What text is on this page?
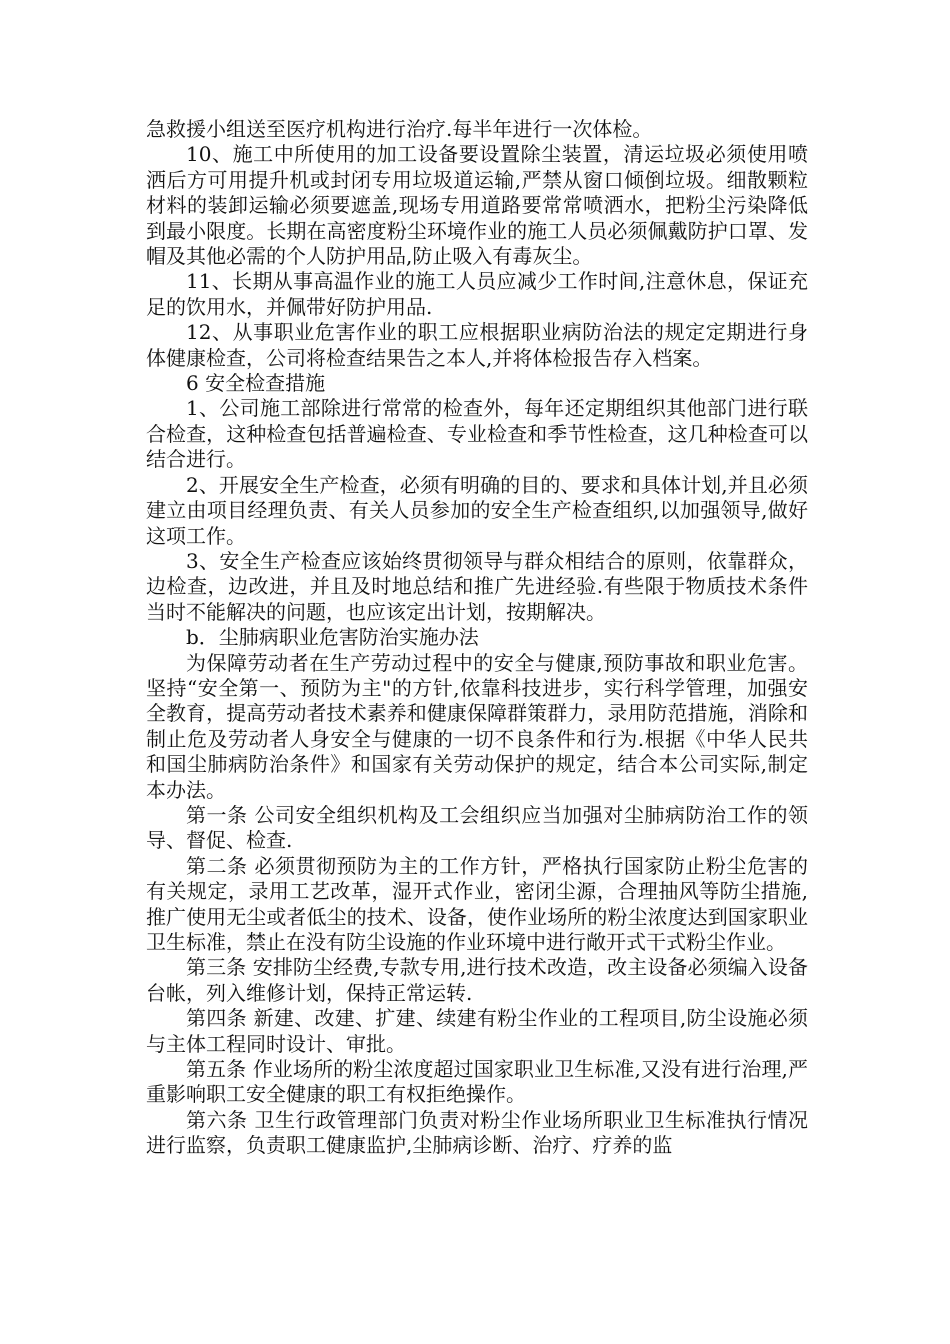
急救援小组送至医疗机构进行治疗.每半年进行一次体检。

10、施工中所使用的加工设备要设置除尘装置，清运垃圾必须使用喷洒后方可用提升机或封闭专用垃圾道运输,严禁从窗口倾倒垃圾。细散颗粒材料的装卸运输必须要遮盖,现场专用道路要常常喷洒水，把粉尘污染降低到最小限度。长期在高密度粉尘环境作业的施工人员必须佩戴防护口罩、发帽及其他必需的个人防护用品,防止吸入有毒灰尘。

11、长期从事高温作业的施工人员应减少工作时间,注意休息，保证充足的饮用水，并佩带好防护用品.

12、从事职业危害作业的职工应根据职业病防治法的规定定期进行身体健康检查，公司将检查结果告之本人,并将体检报告存入档案。

6 安全检查措施

1、公司施工部除进行常常的检查外，每年还定期组织其他部门进行联合检查，这种检查包括普遍检查、专业检查和季节性检查，这几种检查可以结合进行。

2、开展安全生产检查，必须有明确的目的、要求和具体计划,并且必须建立由项目经理负责、有关人员参加的安全生产检查组织,以加强领导,做好这项工作。

3、安全生产检查应该始终贯彻领导与群众相结合的原则，依靠群众，边检查，边改进，并且及时地总结和推广先进经验.有些限于物质技术条件当时不能解决的问题，也应该定出计划，按期解决。

b．尘肺病职业危害防治实施办法

为保障劳动者在生产劳动过程中的安全与健康,预防事故和职业危害。坚持“安全第一、预防为主"的方针,依靠科技进步，实行科学管理，加强安全教育，提高劳动者技术素养和健康保障群策群力，录用防范措施，消除和制止危及劳动者人身安全与健康的一切不良条件和行为.根据《中华人民共和国尘肺病防治条件》和国家有关劳动保护的规定，结合本公司实际,制定本办法。

第一条 公司安全组织机构及工会组织应当加强对尘肺病防治工作的领导、督促、检查.

第二条 必须贯彻预防为主的工作方针，严格执行国家防止粉尘危害的有关规定，录用工艺改革，湿开式作业，密闭尘源，合理抽风等防尘措施,推广使用无尘或者低尘的技术、设备，使作业场所的粉尘浓度达到国家职业卫生标准，禁止在没有防尘设施的作业环境中进行敞开式干式粉尘作业。

第三条 安排防尘经费,专款专用,进行技术改造，改主设备必须编入设备台帐，列入维修计划，保持正常运转.

第四条 新建、改建、扩建、续建有粉尘作业的工程项目,防尘设施必须与主体工程同时设计、审批。

第五条 作业场所的粉尘浓度超过国家职业卫生标准,又没有进行治理,严重影响职工安全健康的职工有权拒绝操作。

第六条 卫生行政管理部门负责对粉尘作业场所职业卫生标准执行情况进行监察，负责职工健康监护,尘肺病诊断、治疗、疗养的监
